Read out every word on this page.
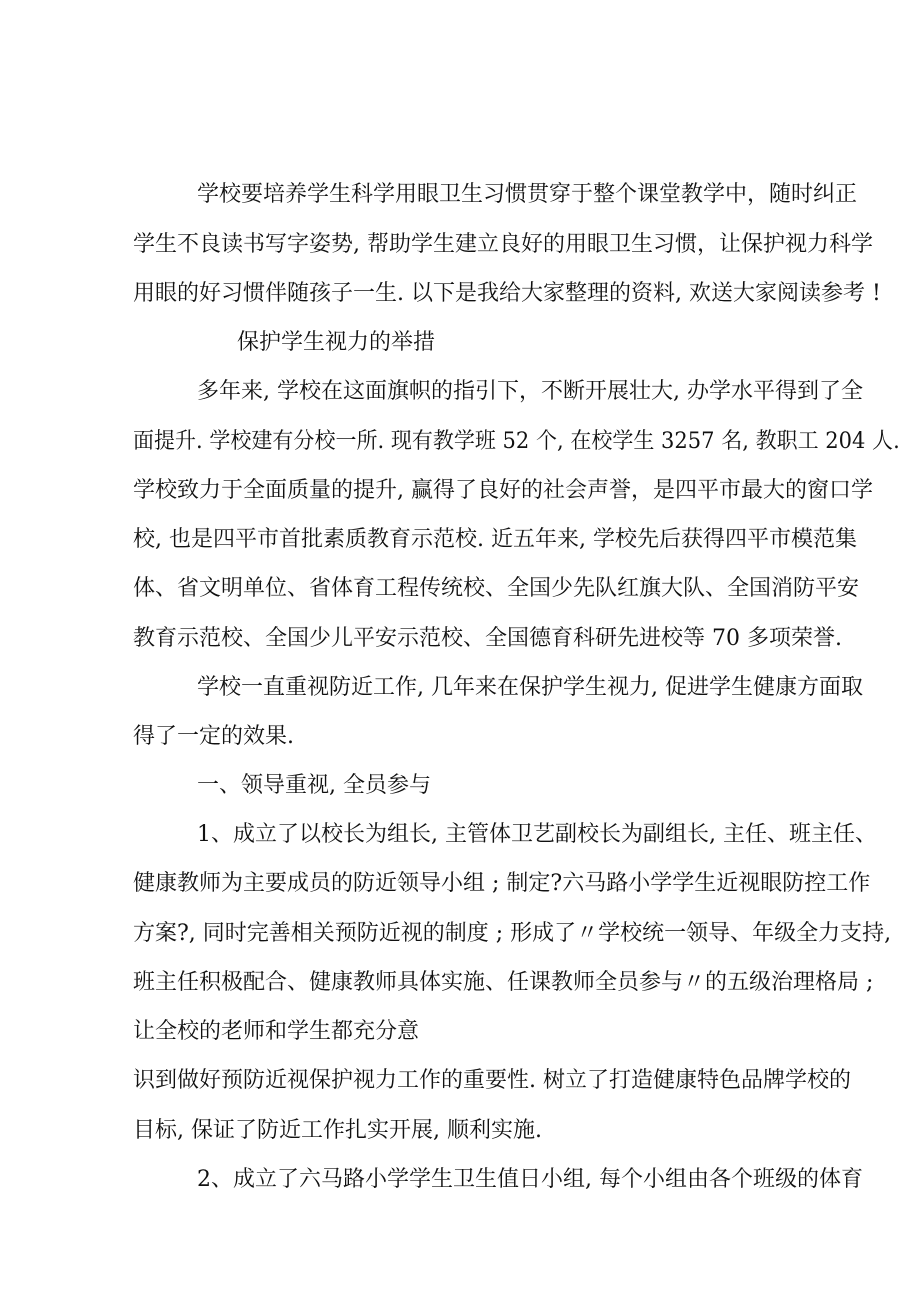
学校要培养学生科学用眼卫生习惯贯穿于整个课堂教学中，随时纠正
学生不良读书写字姿势, 帮助学生建立良好的用眼卫生习惯，让保护视力科学
用眼的好习惯伴随孩子一生. 以下是我给大家整理的资料, 欢送大家阅读参考 !
保护学生视力的举措
多年来, 学校在这面旗帜的指引下，不断开展壮大, 办学水平得到了全
面提升. 学校建有分校一所. 现有教学班 52 个, 在校学生 3257 名, 教职工 204 人.
学校致力于全面质量的提升, 赢得了良好的社会声誉，是四平市最大的窗口学
校, 也是四平市首批素质教育示范校. 近五年来, 学校先后获得四平市模范集
体、省文明单位、省体育工程传统校、全国少先队红旗大队、全国消防平安
教育示范校、全国少儿平安示范校、全国德育科研先进校等 70 多项荣誉.
学校一直重视防近工作, 几年来在保护学生视力, 促进学生健康方面取
得了一定的效果.
一、领导重视, 全员参与
1、成立了以校长为组长, 主管体卫艺副校长为副组长, 主任、班主任、
健康教师为主要成员的防近领导小组 ; 制定?六马路小学学生近视眼防控工作
方案?, 同时完善相关预防近视的制度 ; 形成了〃学校统一领导、年级全力支持,
班主任积极配合、健康教师具体实施、任课教师全员参与〃的五级治理格局 ;
让全校的老师和学生都充分意
识到做好预防近视保护视力工作的重要性. 树立了打造健康特色品牌学校的
目标, 保证了防近工作扎实开展, 顺利实施.
2、成立了六马路小学学生卫生值日小组, 每个小组由各个班级的体育
